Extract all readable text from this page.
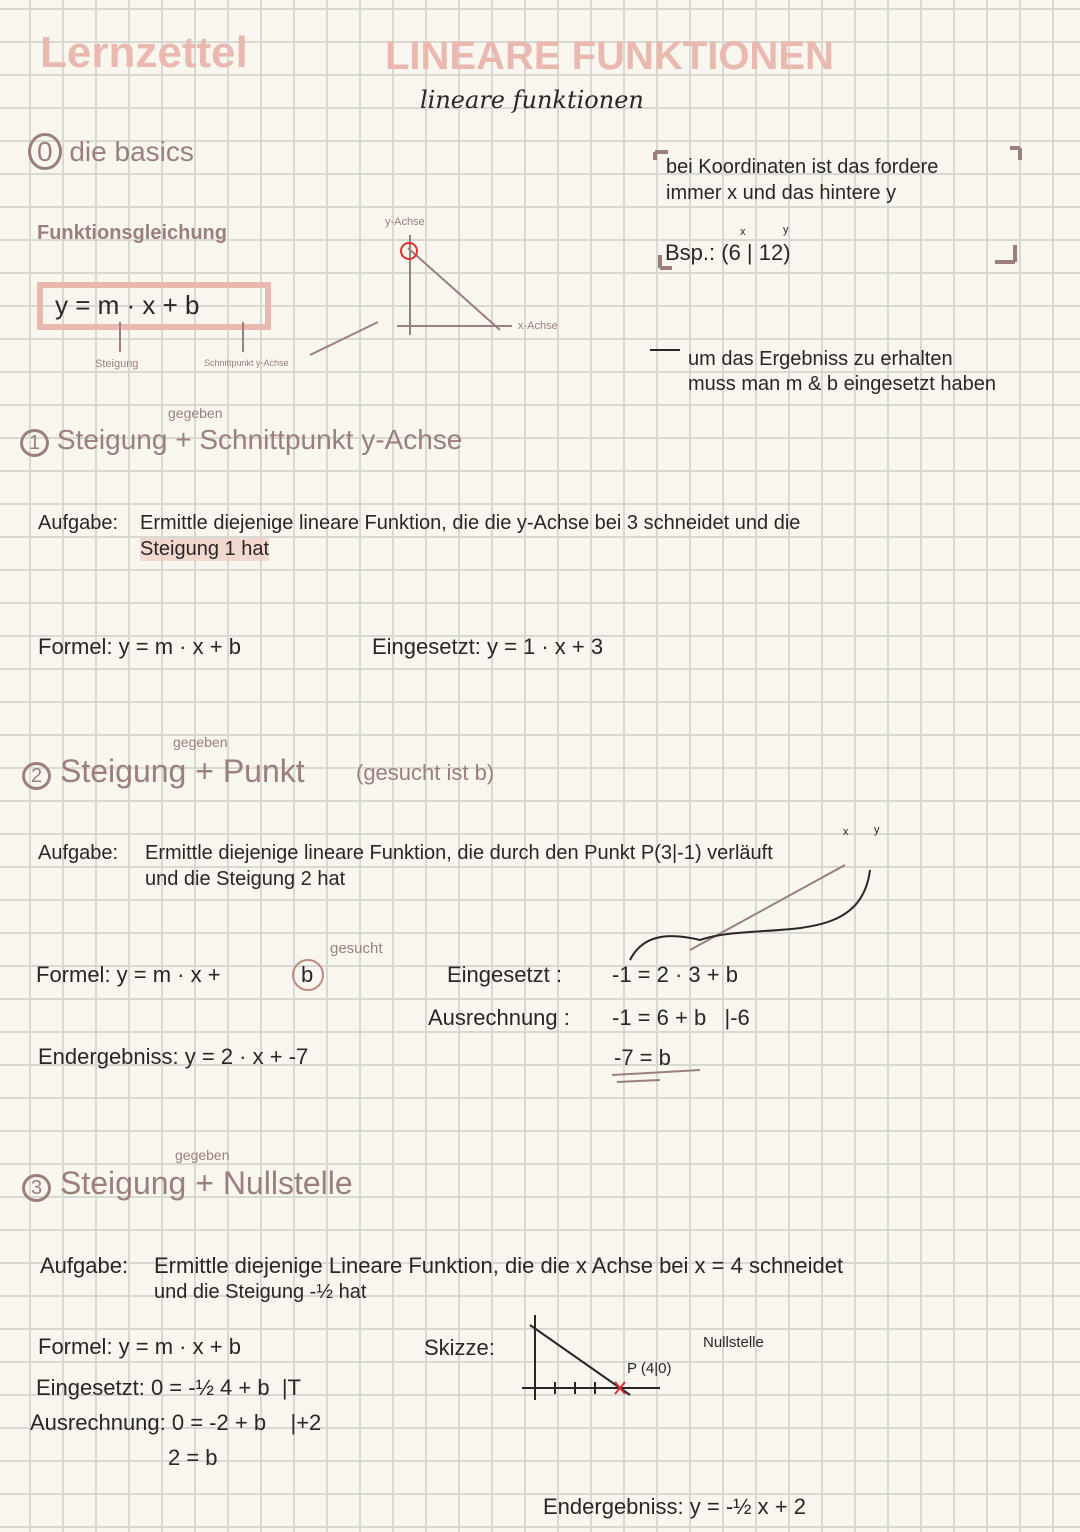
Lernzettel	LINEARE FUNKTIONEN
lineare funktionen
0 die basics
Funktionsgleichung
y = m · x + b
Steigung	Schnittpunkt y-Achse
y-Achse
x-Achse
bei Koordinaten ist das fordere
immer x und das hintere y
x	y
Bsp.: (6 | 12)
um das Ergebniss zu erhalten
muss man m & b eingesetzt haben
gegeben
1 Steigung + Schnittpunkt y-Achse
Aufgabe: Ermittle diejenige lineare Funktion, die die y-Achse bei 3 schneidet und die
Steigung 1 hat
Formel: y = m · x + b	Eingesetzt: y = 1 · x + 3
gegeben
2 Steigung + Punkt (gesucht ist b)
x y
Aufgabe: Ermittle diejenige lineare Funktion, die durch den Punkt P(3|-1) verläuft
und die Steigung 2 hat
Formel: y = m · x +	b
gesucht
Eingesetzt : -1 = 2 · 3 + b
Ausrechnung : -1 = 6 + b   |-6
-7 = b
Endergebniss: y = 2 · x + -7
gegeben
3 Steigung + Nullstelle
Aufgabe: Ermittle diejenige Lineare Funktion, die die x Achse bei x = 4 schneidet
und die Steigung -½ hat
Formel: y = m · x + b
Eingesetzt: 0 = -½ 4 + b  |T
Ausrechnung: 0 = -2 + b    |+2
2 = b
Skizze:
P (4|0)
Nullstelle
Endergebniss: y = -½ x + 2
